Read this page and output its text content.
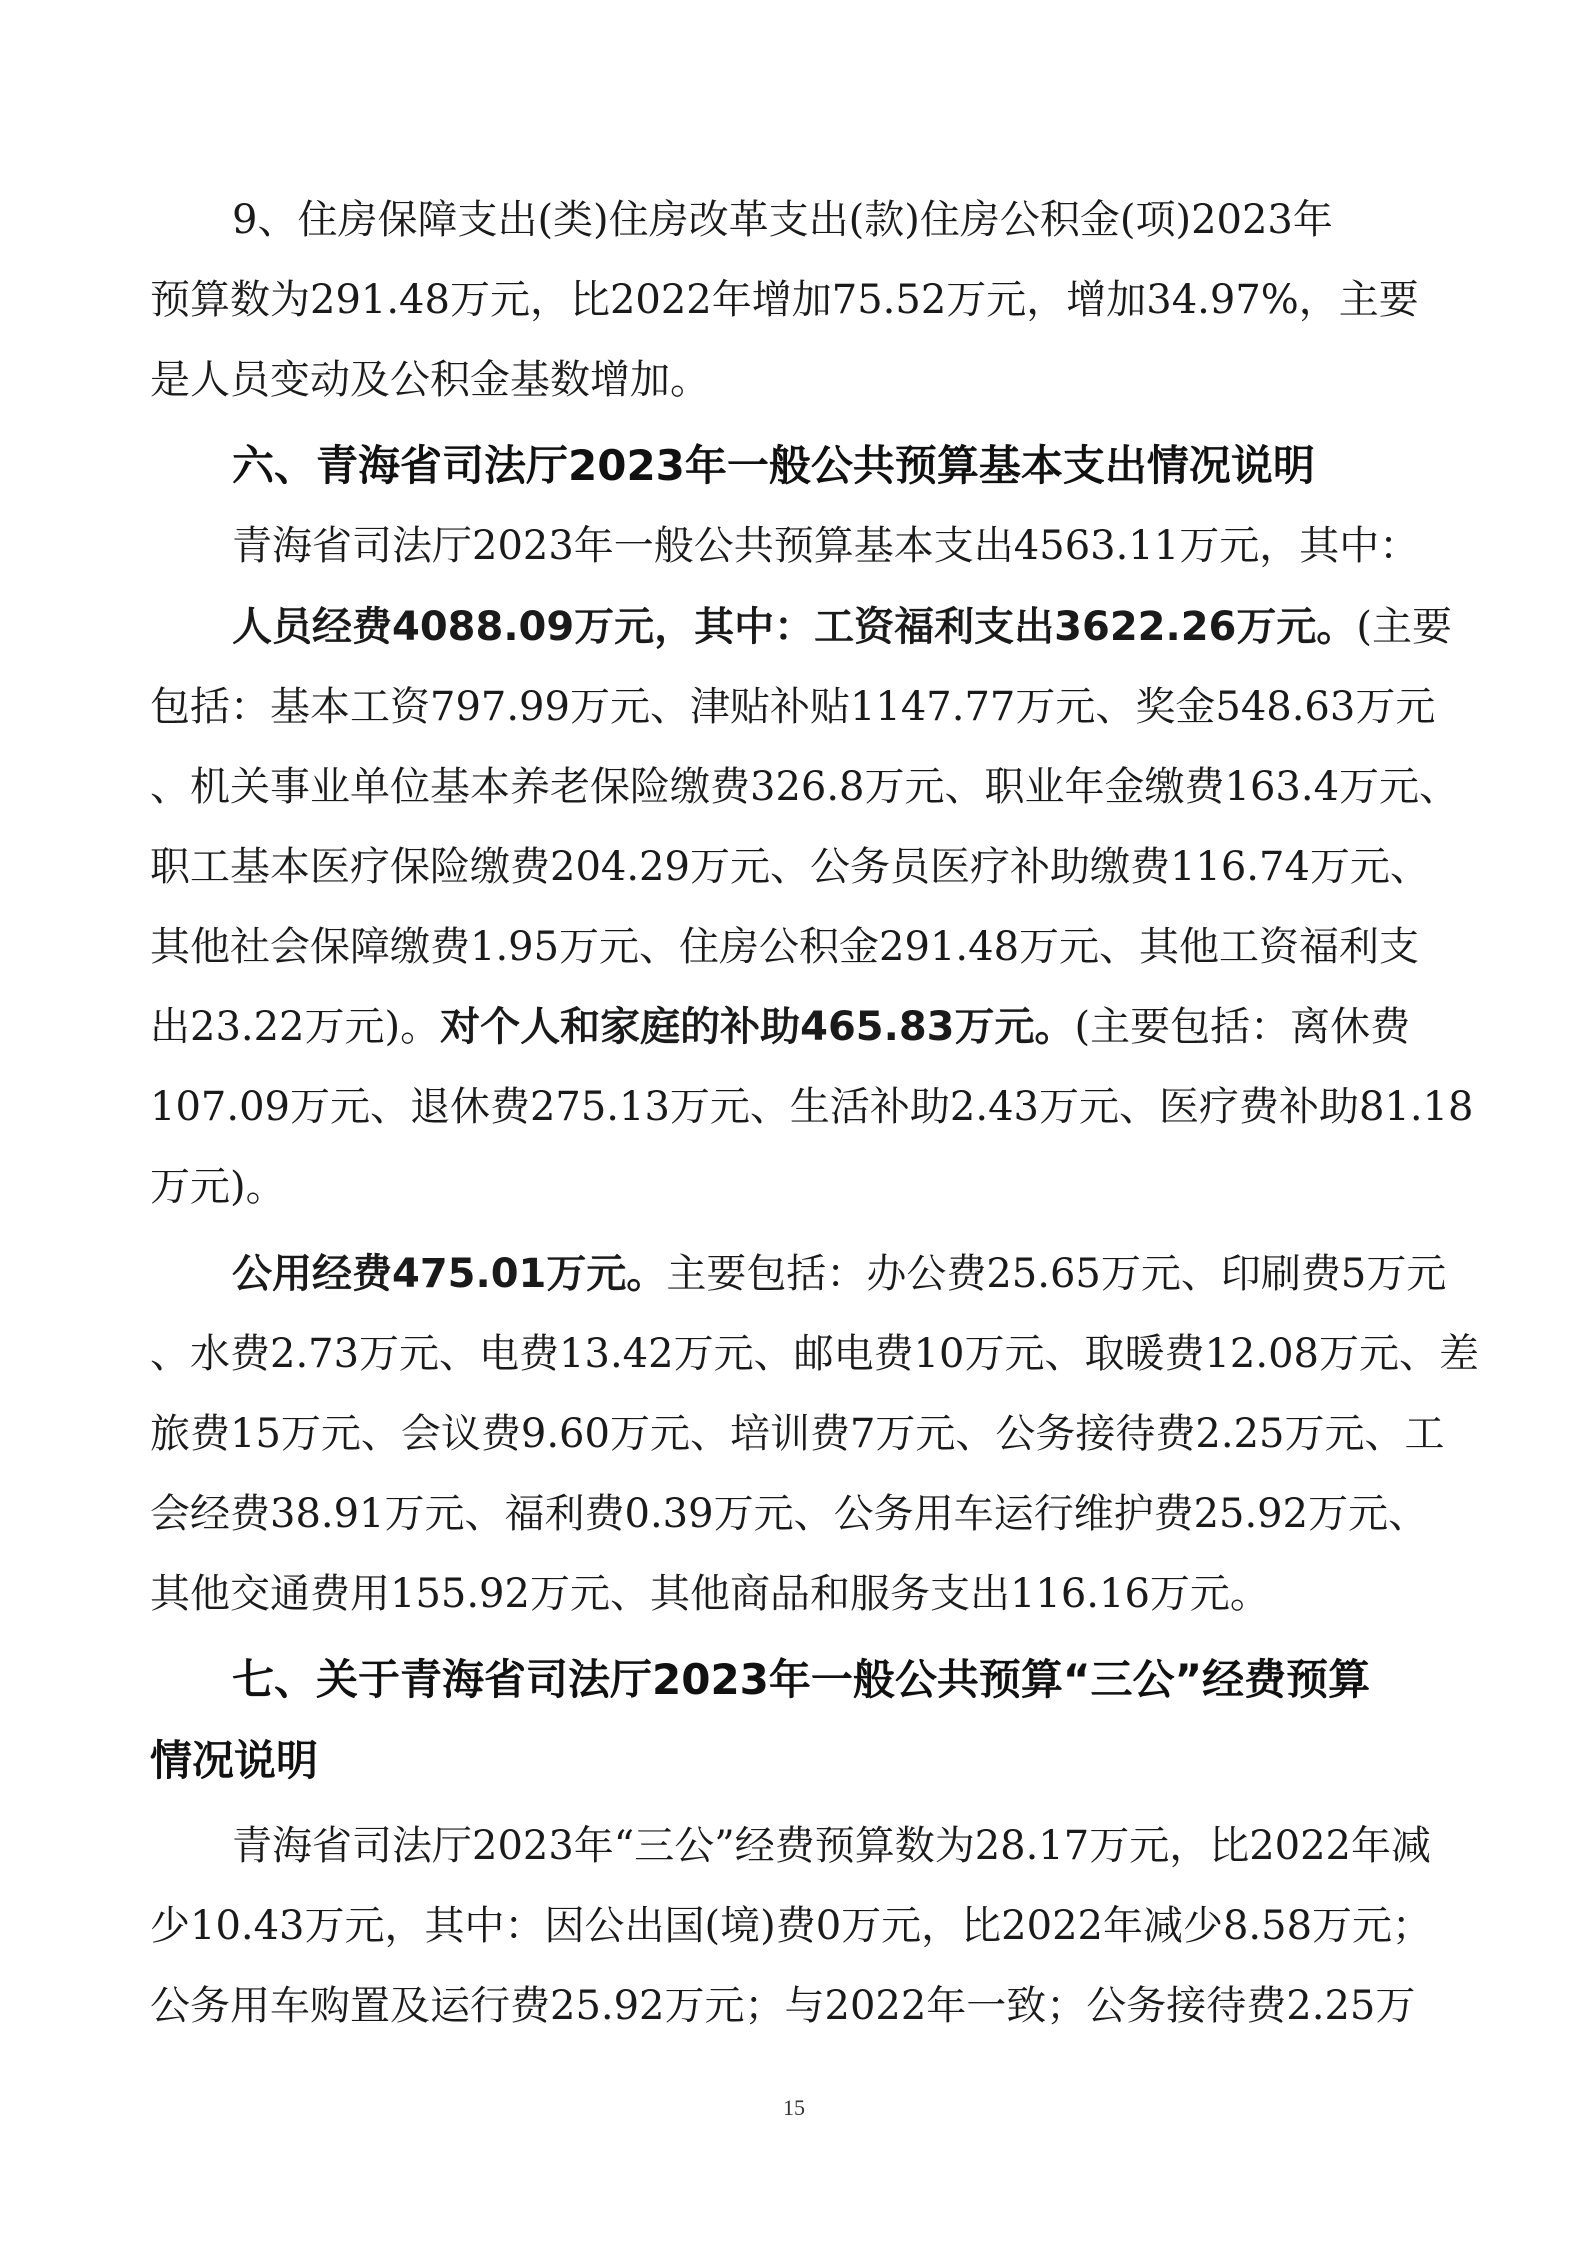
9、住房保障支出(类)住房改革支出(款)住房公积金(项)2023年

预算数为291.48万元，比2022年增加75.52万元，增加34.97%，主要

是人员变动及公积金基数增加。

六、青海省司法厅2023年一般公共预算基本支出情况说明

青海省司法厅2023年一般公共预算基本支出4563.11万元，其中：

人员经费4088.09万元，其中：工资福利支出3622.26万元。(主要

包括：基本工资797.99万元、津贴补贴1147.77万元、奖金548.63万元

、机关事业单位基本养老保险缴费326.8万元、职业年金缴费163.4万元、

职工基本医疗保险缴费204.29万元、公务员医疗补助缴费116.74万元、

其他社会保障缴费1.95万元、住房公积金291.48万元、其他工资福利支

出23.22万元)。对个人和家庭的补助465.83万元。(主要包括：离休费

107.09万元、退休费275.13万元、生活补助2.43万元、医疗费补助81.18

万元)。

公用经费475.01万元。主要包括：办公费25.65万元、印刷费5万元

、水费2.73万元、电费13.42万元、邮电费10万元、取暖费12.08万元、差

旅费15万元、会议费9.60万元、培训费7万元、公务接待费2.25万元、工

会经费38.91万元、福利费0.39万元、公务用车运行维护费25.92万元、

其他交通费用155.92万元、其他商品和服务支出116.16万元。

七、关于青海省司法厅2023年一般公共预算“三公”经费预算

情况说明

青海省司法厅2023年“三公”经费预算数为28.17万元，比2022年减

少10.43万元，其中：因公出国(境)费0万元，比2022年减少8.58万元；

公务用车购置及运行费25.92万元；与2022年一致；公务接待费2.25万

15
